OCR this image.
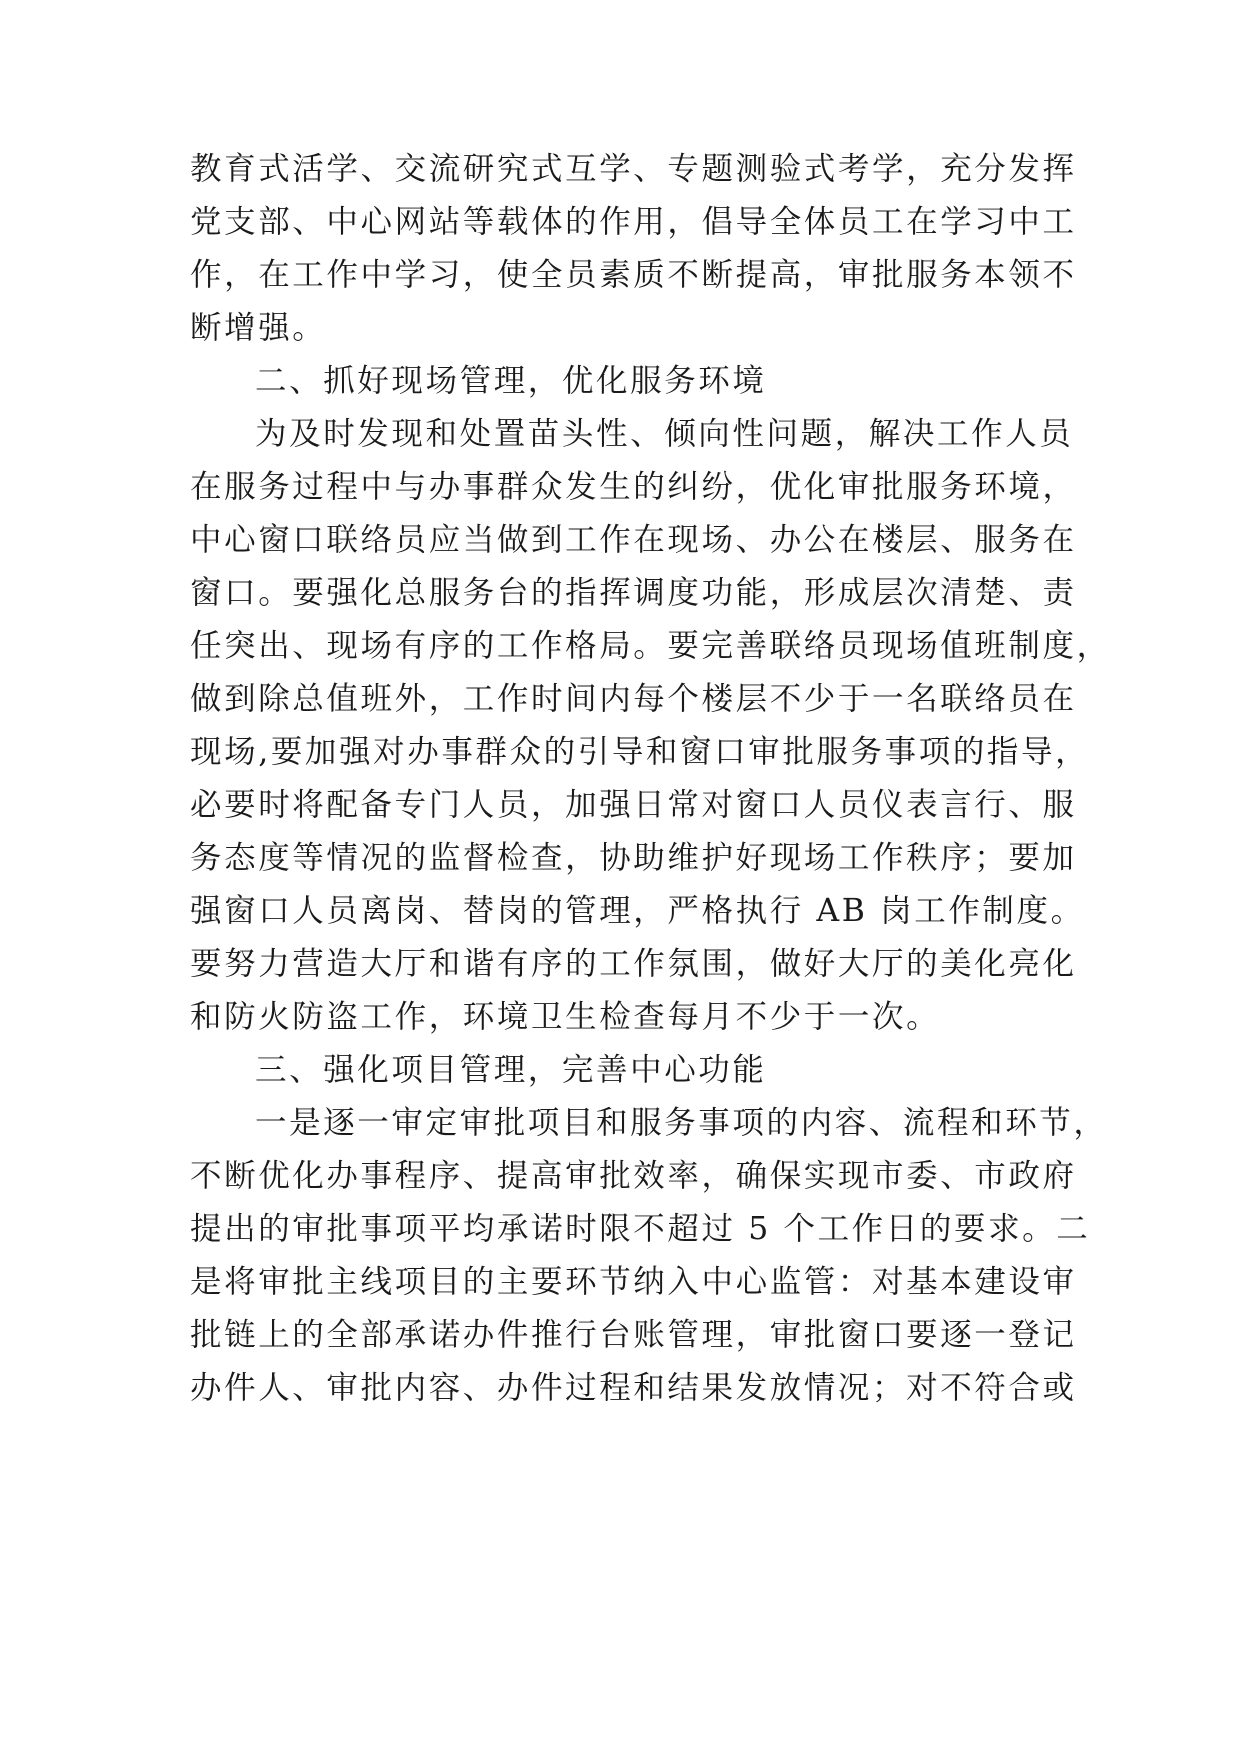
教育式活学、交流研究式互学、专题测验式考学，充分发挥
党支部、中心网站等载体的作用，倡导全体员工在学习中工
作，在工作中学习，使全员素质不断提高，审批服务本领不
断增强。
二、抓好现场管理，优化服务环境
为及时发现和处置苗头性、倾向性问题，解决工作人员
在服务过程中与办事群众发生的纠纷，优化审批服务环境，
中心窗口联络员应当做到工作在现场、办公在楼层、服务在
窗口。要强化总服务台的指挥调度功能，形成层次清楚、责
任突出、现场有序的工作格局。要完善联络员现场值班制度，
做到除总值班外，工作时间内每个楼层不少于一名联络员在
现场,要加强对办事群众的引导和窗口审批服务事项的指导，
必要时将配备专门人员，加强日常对窗口人员仪表言行、服
务态度等情况的监督检查，协助维护好现场工作秩序；要加
强窗口人员离岗、替岗的管理，严格执行 AB 岗工作制度。
要努力营造大厅和谐有序的工作氛围，做好大厅的美化亮化
和防火防盗工作，环境卫生检查每月不少于一次。
三、强化项目管理，完善中心功能
一是逐一审定审批项目和服务事项的内容、流程和环节，
不断优化办事程序、提高审批效率，确保实现市委、市政府
提出的审批事项平均承诺时限不超过 5 个工作日的要求。二
是将审批主线项目的主要环节纳入中心监管：对基本建设审
批链上的全部承诺办件推行台账管理，审批窗口要逐一登记
办件人、审批内容、办件过程和结果发放情况；对不符合或
